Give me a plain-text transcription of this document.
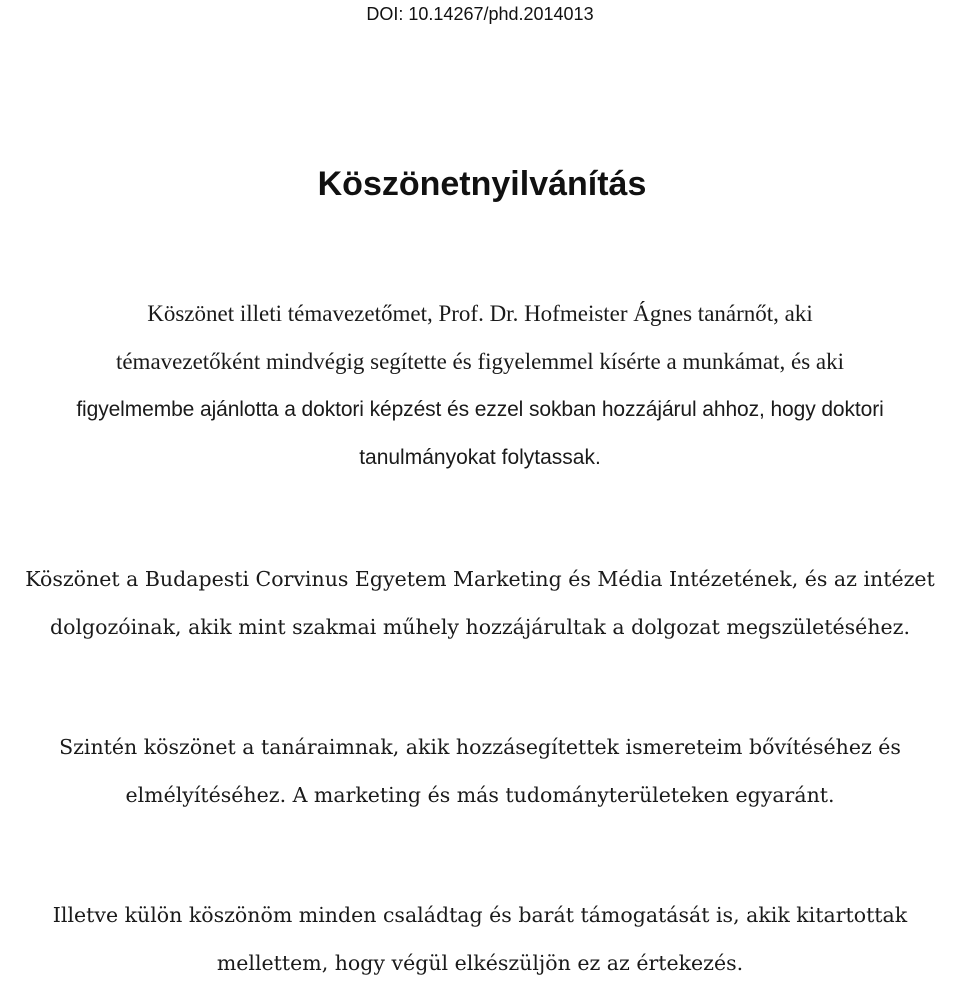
DOI: 10.14267/phd.2014013
Köszönetnyilvánítás

Köszönet illeti témavezetőmet, Prof. Dr. Hofmeister Ágnes tanárnőt, aki
témavezetőként mindvégig segítette és figyelemmel kísérte a munkámat, és aki
figyelmembe ajánlotta a doktori képzést és ezzel sokban hozzájárul ahhoz, hogy doktori
tanulmányokat folytassak.

Köszönet a Budapesti Corvinus Egyetem Marketing és Média Intézetének, és az intézet
dolgozóinak, akik mint szakmai műhely hozzájárultak a dolgozat megszületéséhez.

Szintén köszönet a tanáraimnak, akik hozzásegítettek ismereteim bővítéséhez és
elmélyítéséhez. A marketing és más tudományterületeken egyaránt.

Illetve külön köszönöm minden családtag és barát támogatását is, akik kitartottak
mellettem, hogy végül elkészüljön ez az értekezés.
